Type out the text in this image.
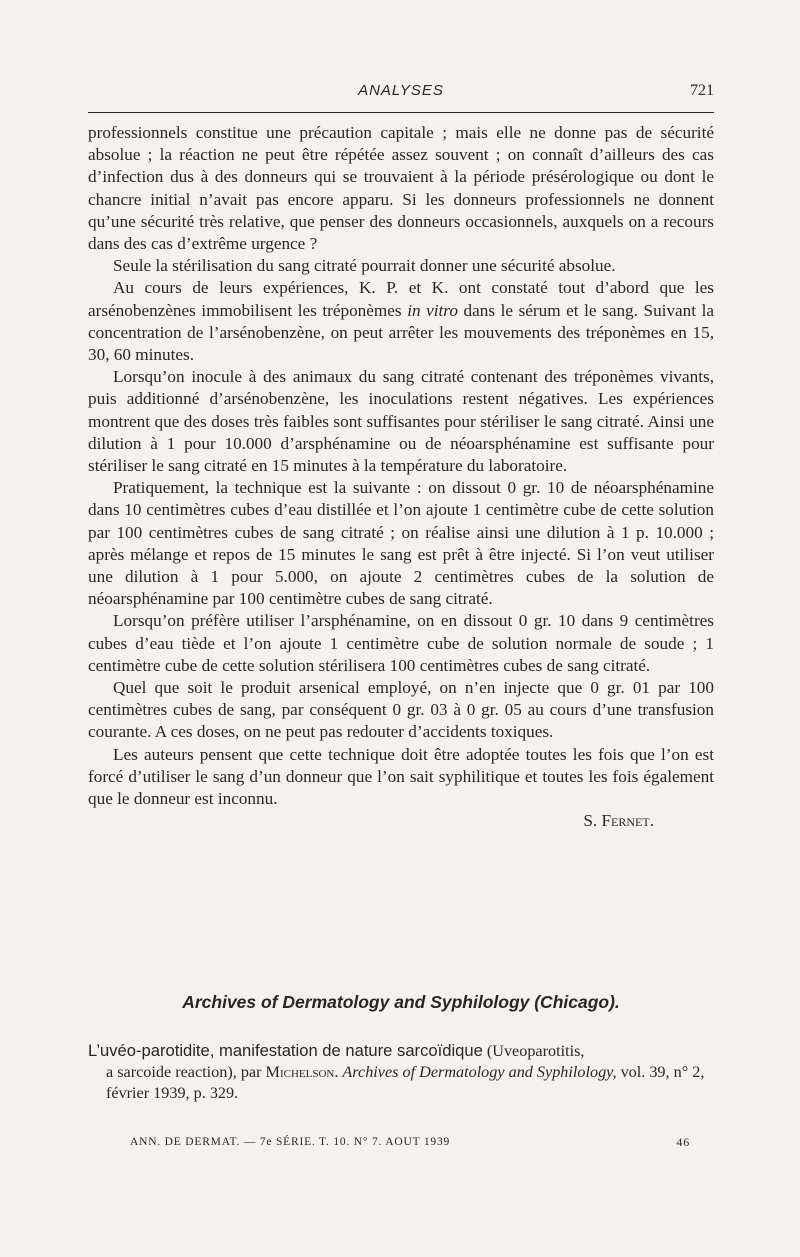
ANALYSES	721

professionnels constitue une précaution capitale ; mais elle ne donne pas de sécurité absolue ; la réaction ne peut être répétée assez souvent ; on connaît d’ailleurs des cas d’infection dus à des donneurs qui se trouvaient à la période présérologique ou dont le chancre initial n’avait pas encore apparu. Si les donneurs professionnels ne donnent qu’une sécurité très relative, que penser des donneurs occasionnels, auxquels on a recours dans des cas d’extrême urgence ?

Seule la stérilisation du sang citraté pourrait donner une sécurité absolue.

Au cours de leurs expériences, K. P. et K. ont constaté tout d’abord que les arsénobenzènes immobilisent les tréponèmes in vitro dans le sérum et le sang. Suivant la concentration de l’arsénobenzène, on peut arrêter les mouvements des tréponèmes en 15, 30, 60 minutes.

Lorsqu’on inocule à des animaux du sang citraté contenant des tréponèmes vivants, puis additionné d’arsénobenzène, les inoculations restent négatives. Les expériences montrent que des doses très faibles sont suffisantes pour stériliser le sang citraté. Ainsi une dilution à 1 pour 10.000 d’arsphénamine ou de néoarsphénamine est suffisante pour stériliser le sang citraté en 15 minutes à la température du laboratoire.

Pratiquement, la technique est la suivante : on dissout 0 gr. 10 de néoarsphénamine dans 10 centimètres cubes d’eau distillée et l’on ajoute 1 centimètre cube de cette solution par 100 centimètres cubes de sang citraté ; on réalise ainsi une dilution à 1 p. 10.000 ; après mélange et repos de 15 minutes le sang est prêt à être injecté. Si l’on veut utiliser une dilution à 1 pour 5.000, on ajoute 2 centimètres cubes de la solution de néoarsphénamine par 100 centimètre cubes de sang citraté.

Lorsqu’on préfère utiliser l’arsphénamine, on en dissout 0 gr. 10 dans 9 centimètres cubes d’eau tiède et l’on ajoute 1 centimètre cube de solution normale de soude ; 1 centimètre cube de cette solution stérilisera 100 centimètres cubes de sang citraté.

Quel que soit le produit arsenical employé, on n’en injecte que 0 gr. 01 par 100 centimètres cubes de sang, par conséquent 0 gr. 03 à 0 gr. 05 au cours d’une transfusion courante. A ces doses, on ne peut pas redouter d’accidents toxiques.

Les auteurs pensent que cette technique doit être adoptée toutes les fois que l’on est forcé d’utiliser le sang d’un donneur que l’on sait syphilitique et toutes les fois également que le donneur est inconnu.

S. Fernet.

Archives of Dermatology and Syphilology (Chicago).
L’uvéo-parotidite, manifestation de nature sarcoïdique (Uveoparotitis,
a sarcoide reaction), par Michelson. Archives of Dermatology and Syphilology, vol. 39, n° 2, février 1939, p. 329.
ANN. DE DERMAT. — 7e SÉRIE. T. 10. N° 7. AOUT 1939	46
